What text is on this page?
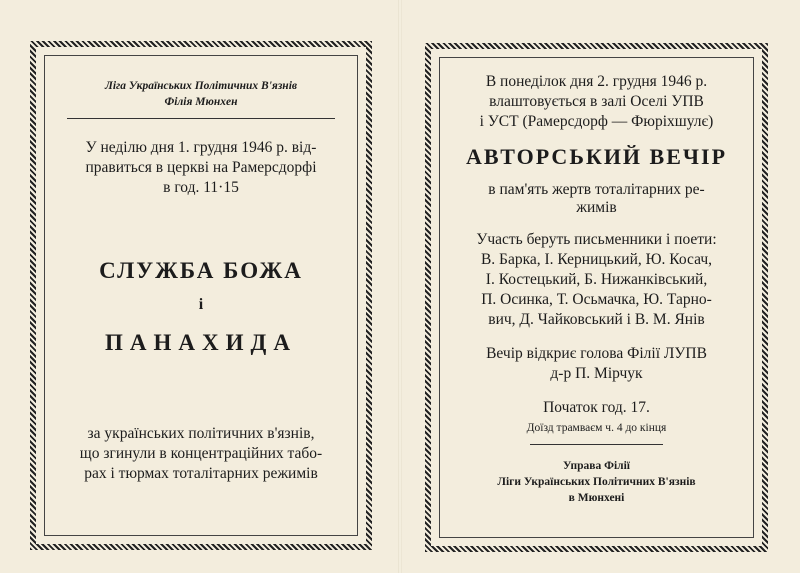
Ліга Українських Політичних В'язнів
Філія Мюнхен
У неділю дня 1. грудня 1946 р. від-
правиться в церкві на Рамерсдорфі
в год. 11·15
СЛУЖБА БОЖА
і
ПАНАХИДА
за українських політичних в'язнів,
що згинули в концентраційних табо-
рах і тюрмах тоталітарних режимів
В понеділок дня 2. грудня 1946 р.
влаштовується в залі Оселі УПВ
і УСТ (Рамерсдорф — Фюріхшулє)
АВТОРСЬКИЙ ВЕЧІР
в пам'ять жертв тоталітарних ре-
жимів
Участь беруть письменники і поети:
В. Барка, І. Керницький, Ю. Косач,
І. Костецький, Б. Нижанківський,
П. Осинка, Т. Осьмачка, Ю. Тарно-
вич, Д. Чайковський і В. М. Янів
Вечір відкриє голова Філії ЛУПВ
д-р П. Мірчук
Початок год. 17.
Доїзд трамваєм ч. 4 до кінця
Управа Філії
Ліги Українських Політичних В'язнів
в Мюнхені
